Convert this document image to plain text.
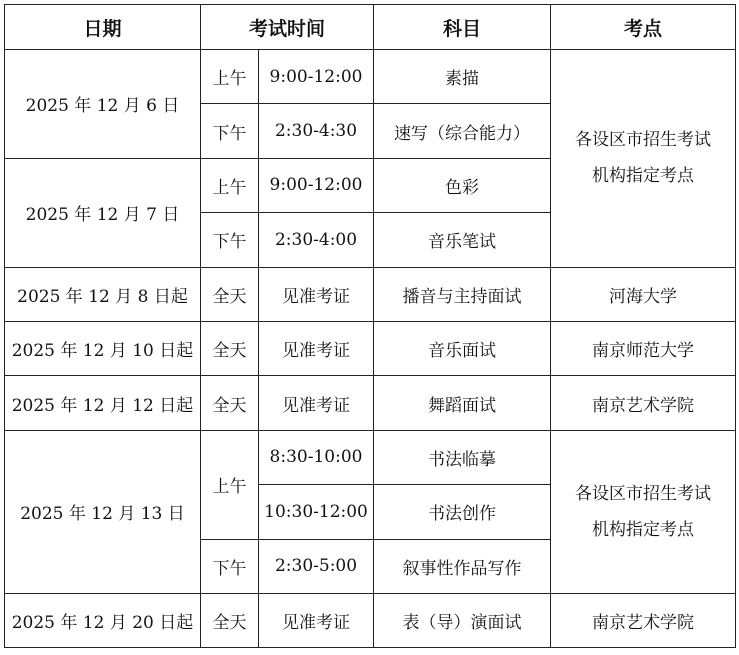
日期	考试时间		科目	考点
2025 年 12 月 6 日	上午	9:00-12:00	素描	各设区市招生考试
机构指定考点

	下午	2:30-4:30	速写（综合能力）	
2025 年 12 月 7 日	上午	9:00-12:00	色彩	
	下午	2:30-4:00	音乐笔试	
2025 年 12 月 8 日起	全天	见准考证	播音与主持面试	河海大学
2025 年 12 月 10 日起	全天	见准考证	音乐面试	南京师范大学
2025 年 12 月 12 日起	全天	见准考证	舞蹈面试	南京艺术学院
2025 年 12 月 13 日	上午	8:30-10:00	书法临摹	各设区市招生考试
机构指定考点

		10:30-12:00	书法创作	
	下午	2:30-5:00	叙事性作品写作	
2025 年 12 月 20 日起	全天	见准考证	表（导）演面试	南京艺术学院
